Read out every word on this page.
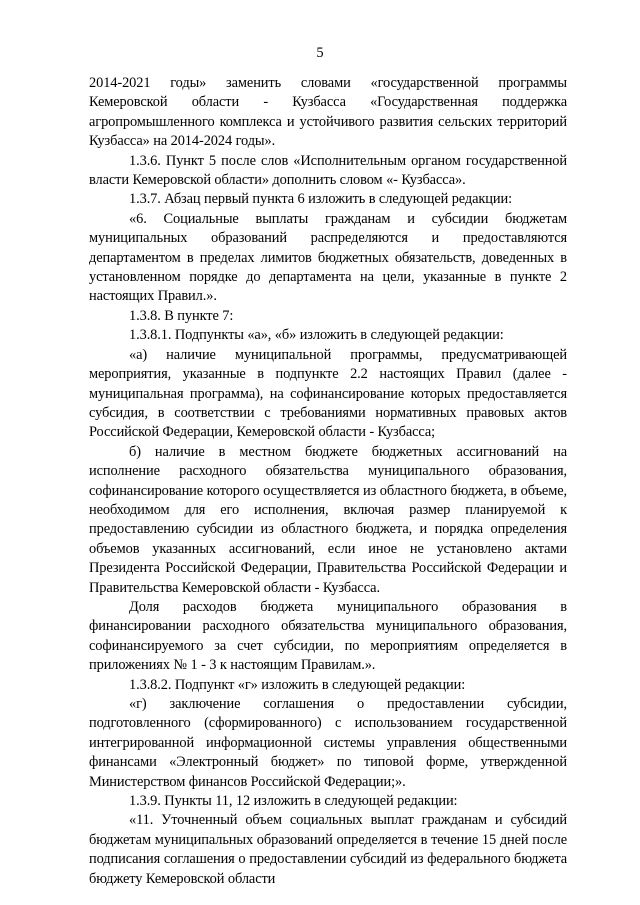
5

2014-2021 годы» заменить словами «государственной программы Кемеровской области - Кузбасса «Государственная поддержка агропромышленного комплекса и устойчивого развития сельских территорий Кузбасса» на 2014-2024 годы».

1.3.6. Пункт 5 после слов «Исполнительным органом государственной власти Кемеровской области» дополнить словом «- Кузбасса».

1.3.7. Абзац первый пункта 6 изложить в следующей редакции:

«6. Социальные выплаты гражданам и субсидии бюджетам муниципальных образований распределяются и предоставляются департаментом в пределах лимитов бюджетных обязательств, доведенных в установленном порядке до департамента на цели, указанные в пункте 2 настоящих Правил.».

1.3.8. В пункте 7:

1.3.8.1. Подпункты «а», «б» изложить в следующей редакции:

«а) наличие муниципальной программы, предусматривающей мероприятия, указанные в подпункте 2.2 настоящих Правил (далее - муниципальная программа), на софинансирование которых предоставляется субсидия, в соответствии с требованиями нормативных правовых актов Российской Федерации, Кемеровской области - Кузбасса;

б) наличие в местном бюджете бюджетных ассигнований на исполнение расходного обязательства муниципального образования, софинансирование которого осуществляется из областного бюджета, в объеме, необходимом для его исполнения, включая размер планируемой к предоставлению субсидии из областного бюджета, и порядка определения объемов указанных ассигнований, если иное не установлено актами Президента Российской Федерации, Правительства Российской Федерации и Правительства Кемеровской области - Кузбасса.

Доля расходов бюджета муниципального образования в финансировании расходного обязательства муниципального образования, софинансируемого за счет субсидии, по мероприятиям определяется в приложениях № 1 - 3 к настоящим Правилам.».

1.3.8.2. Подпункт «г» изложить в следующей редакции:

«г) заключение соглашения о предоставлении субсидии, подготовленного (сформированного) с использованием государственной интегрированной информационной системы управления общественными финансами «Электронный бюджет» по типовой форме, утвержденной Министерством финансов Российской Федерации;».

1.3.9. Пункты 11, 12 изложить в следующей редакции:

«11. Уточненный объем социальных выплат гражданам и субсидий бюджетам муниципальных образований определяется в течение 15 дней после подписания соглашения о предоставлении субсидий из федерального бюджета бюджету Кемеровской области
